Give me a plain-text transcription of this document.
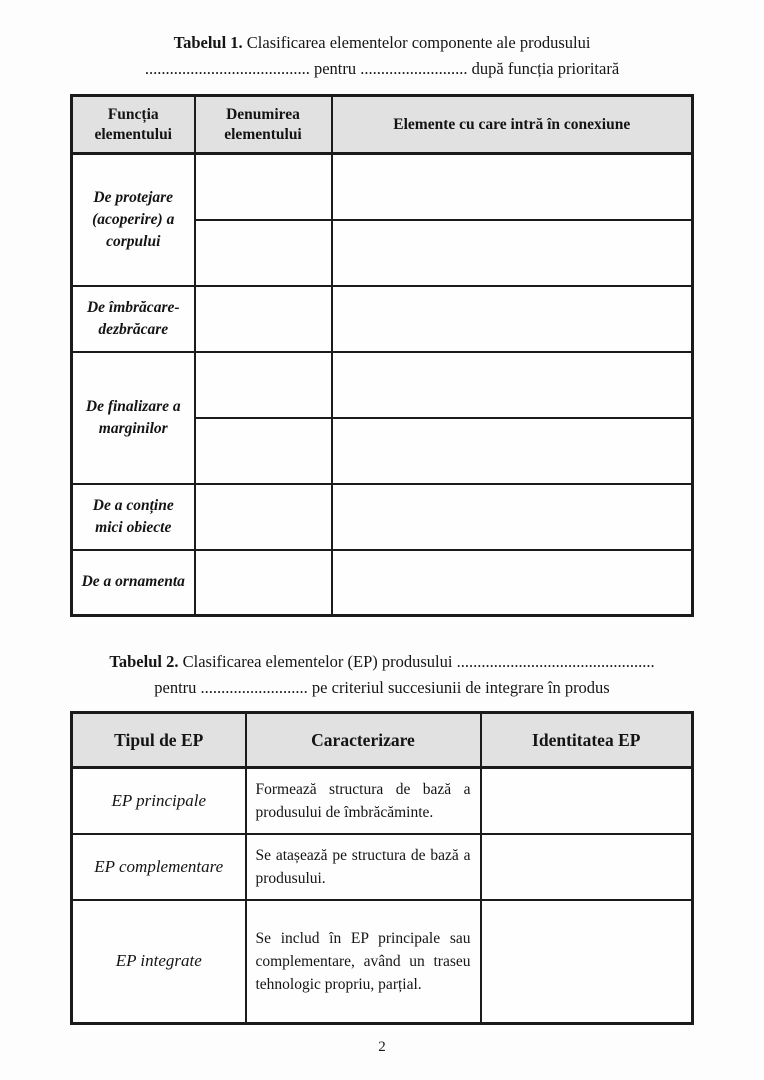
Tabelul 1. Clasificarea elementelor componente ale produsului
........................................ pentru .......................... după funcția prioritară
Funcția elementului	Denumirea elementului	Elemente cu care intră în conexiune
De protejare (acoperire) a corpului		

De îmbrăcare-dezbrăcare		
De finalizare a marginilor		

De a conține mici obiecte		
De a ornamenta		
Tabelul 2. Clasificarea elementelor (EP) produsului ................................................
pentru .......................... pe criteriul succesiunii de integrare în produs
Tipul de EP	Caracterizare	Identitatea EP
EP principale	Formează structura de bază a produsului de îmbrăcăminte.	
EP complementare	Se atașează pe structura de bază a produsului.	
EP integrate	Se includ în EP principale sau complementare, având un traseu tehnologic propriu, parțial.	
2
